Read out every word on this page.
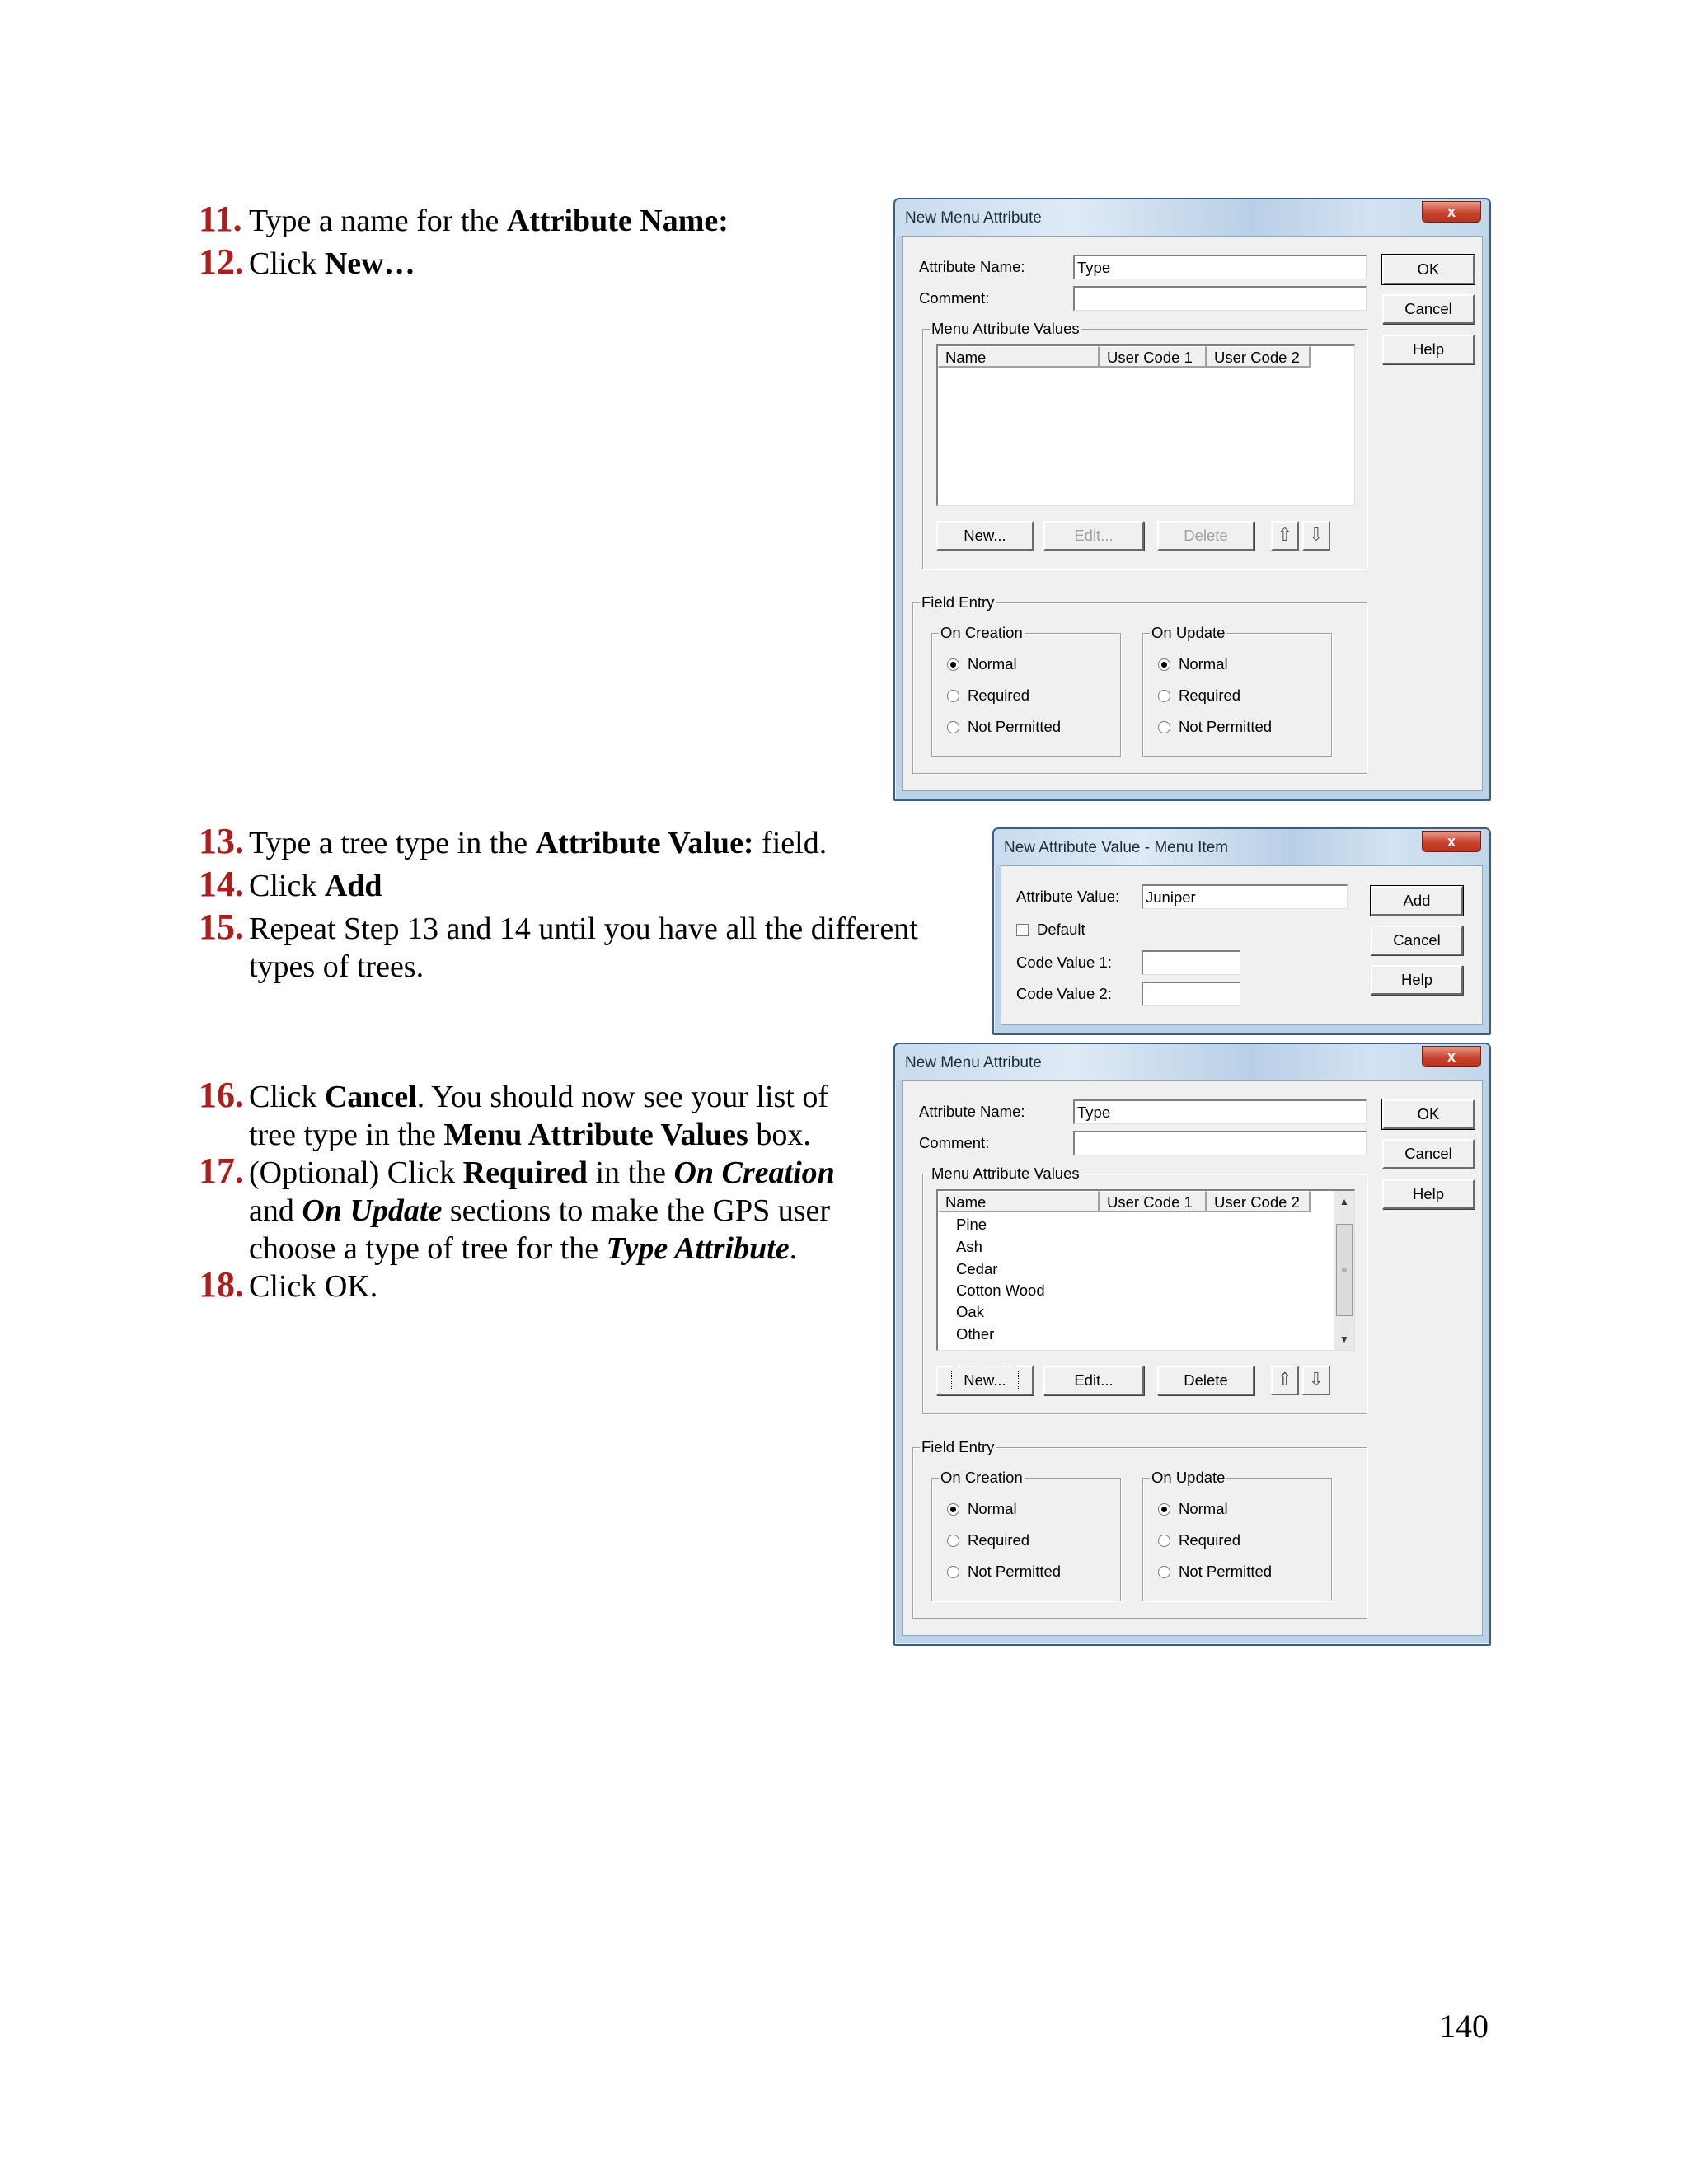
11. Type a name for the Attribute Name:
12. Click New…
13. Type a tree type in the Attribute Value: field.
14. Click Add
15. Repeat Step 13 and 14 until you have all the different types of trees.
16. Click Cancel. You should now see your list of tree type in the Menu Attribute Values box.
17. (Optional) Click Required in the On Creation and On Update sections to make the GPS user choose a type of tree for the Type Attribute.
18. Click OK.
New Menu Attribute	x
Attribute Name:	Type
Comment:
OK
Cancel
Help
Menu Attribute Values
Name	User Code 1	User Code 2
New...	Edit...	Delete	⇧ ⇩
Field Entry
On Creation
Normal
Required
Not Permitted
On Update
Normal
Required
Not Permitted
New Attribute Value - Menu Item	x
Attribute Value: Juniper
Default
Code Value 1:
Code Value 2:
Add
Cancel
Help
New Menu Attribute	x
Attribute Name:	Type
Comment:
OK
Cancel
Help
Menu Attribute Values
Name	User Code 1	User Code 2
Pine
Ash
Cedar
Cotton Wood
Oak
Other
▲
≡
▼
New...	Edit...	Delete	⇧ ⇩
Field Entry
On Creation
Normal
Required
Not Permitted
On Update
Normal
Required
Not Permitted
140
